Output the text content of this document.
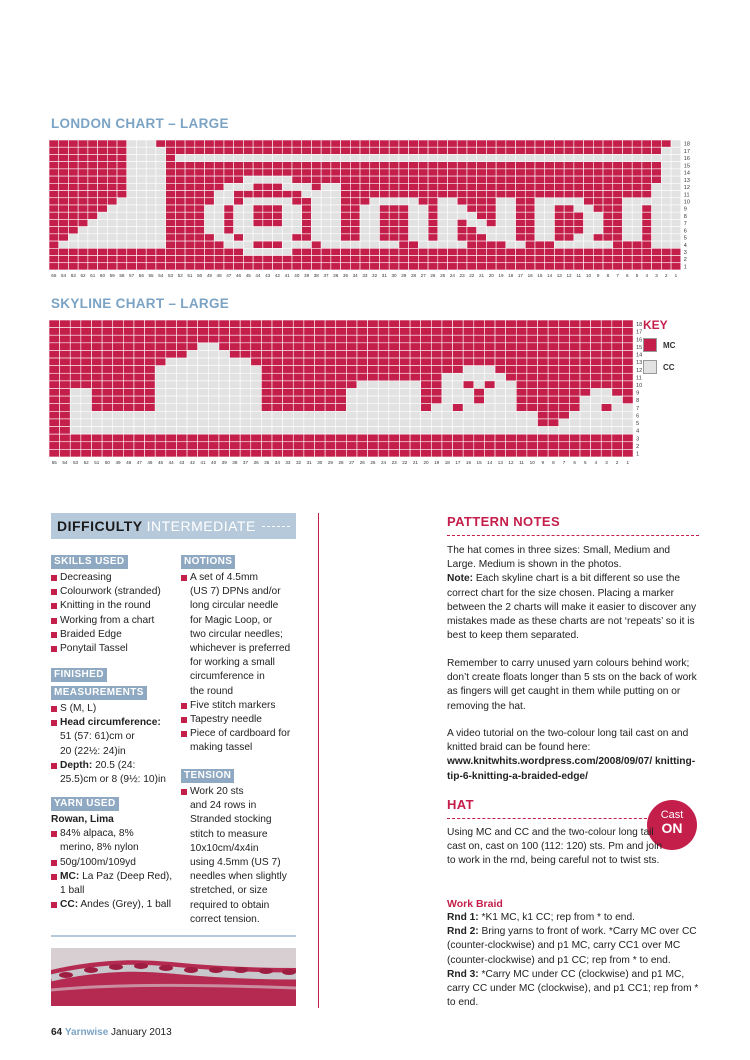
LONDON CHART – LARGE
18
17
16
15
14
13
12
11
10
9
8
7
6
5
4
3
2
1
65 64 63 62 61 60 59 58 57 56 55 54 53 52 51 50 49 48 47 46 45 44 43 42 41 40 39 38 37 36 35 34 33 32 31 30 29 28 27 26 25 24 23 22 21 20 19 18 17 16 15 14 13 12 11 10 9 8 7 6 5 4 3 2 1
SKYLINE CHART – LARGE
18
17
16
15
14
13
12
11
10
9
8
7
6
5
4
3
2
1
55 54 53 52 51 50 49 48 47 46 45 44 43 42 41 40 39 38 37 36 35 34 33 32 31 30 29 28 27 26 25 24 23 22 21 20 19 18 17 16 15 14 13 12 11 10 9 8 7 6 5 4 3 2 1
KEY
MC
CC
DIFFICULTY INTERMEDIATE
SKILLS USED
Decreasing
Colourwork (stranded)
Knitting in the round
Working from a chart
Braided Edge
Ponytail Tassel
FINISHED
MEASUREMENTS
S (M, L)
Head circumference:
51 (57: 61)cm or
20 (22½: 24)in
Depth: 20.5 (24:
25.5)cm or 8 (9½: 10)in
YARN USED
Rowan, Lima
84% alpaca, 8%
merino, 8% nylon
50g/100m/109yd
MC: La Paz (Deep Red),
1 ball
CC: Andes (Grey), 1 ball
NOTIONS
A set of 4.5mm
(US 7) DPNs and/or
long circular needle
for Magic Loop, or
two circular needles;
whichever is preferred
for working a small
circumference in
the round
Five stitch markers
Tapestry needle
Piece of cardboard for
making tassel
TENSION
Work 20 sts
and 24 rows in
Stranded stocking
stitch to measure
10x10cm/4x4in
using 4.5mm (US 7)
needles when slightly
stretched, or size
required to obtain
correct tension.
PATTERN NOTES
The hat comes in three sizes: Small, Medium and Large. Medium is shown in the photos.
Note: Each skyline chart is a bit different so use the correct chart for the size chosen. Placing a marker between the 2 charts will make it easier to discover any mistakes made as these charts are not ‘repeats’ so it is best to keep them separated.
Remember to carry unused yarn colours behind work; don’t create floats longer than 5 sts on the back of work as fingers will get caught in them while putting on or removing the hat.
A video tutorial on the two-colour long tail cast on and knitted braid can be found here:
www.knitwhits.wordpress.com/2008/09/07/ knitting-tip-6-knitting-a-braided-edge/
HAT
Cast
ON
Using MC and CC and the two-colour long tail cast on, cast on 100 (112: 120) sts. Pm and join to work in the rnd, being careful not to twist sts.
Work Braid
Rnd 1: *K1 MC, k1 CC; rep from * to end.
Rnd 2: Bring yarns to front of work. *Carry MC over CC (counter-clockwise) and p1 MC, carry CC1 over MC (counter-clockwise) and p1 CC; rep from * to end.
Rnd 3: *Carry MC under CC (clockwise) and p1 MC, carry CC under MC (clockwise), and p1 CC1; rep from * to end.
64 Yarnwise January 2013
